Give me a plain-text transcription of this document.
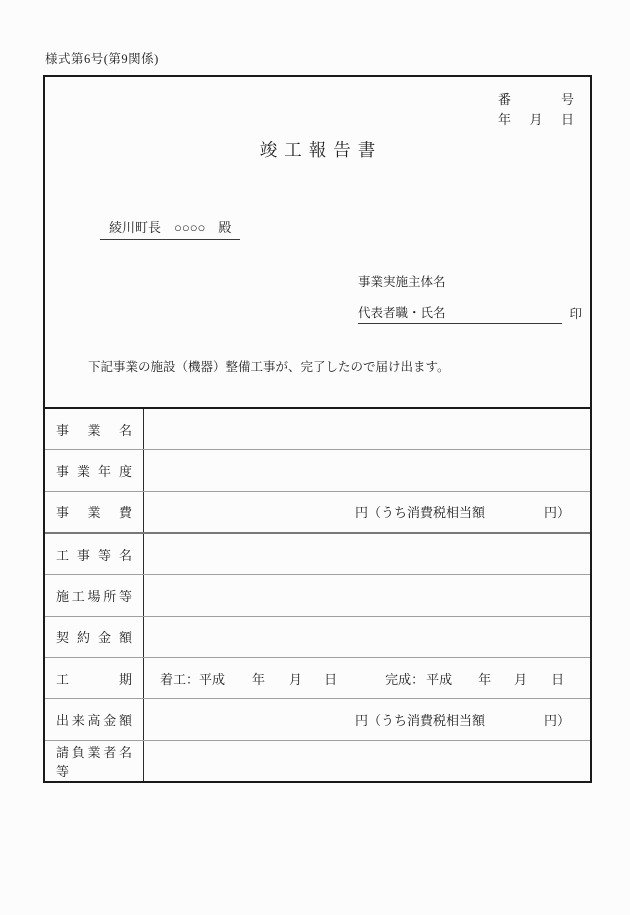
様式第6号(第9関係)
番	号
年 月 日
竣工報告書
綾川町長　○○○○　殿
事業実施主体名
代表者職・氏名	印
下記事業の施設（機器）整備工事が、完了したので届け出ます。
事業名
事業年度
事業費	円（うち消費税相当額	円）
工事等名
施工場所等
契約金額
工期 着工： 平成 年 月 日	完成： 平成 年 月 日
出来高金額	円（うち消費税相当額	円）
請負業者名等
